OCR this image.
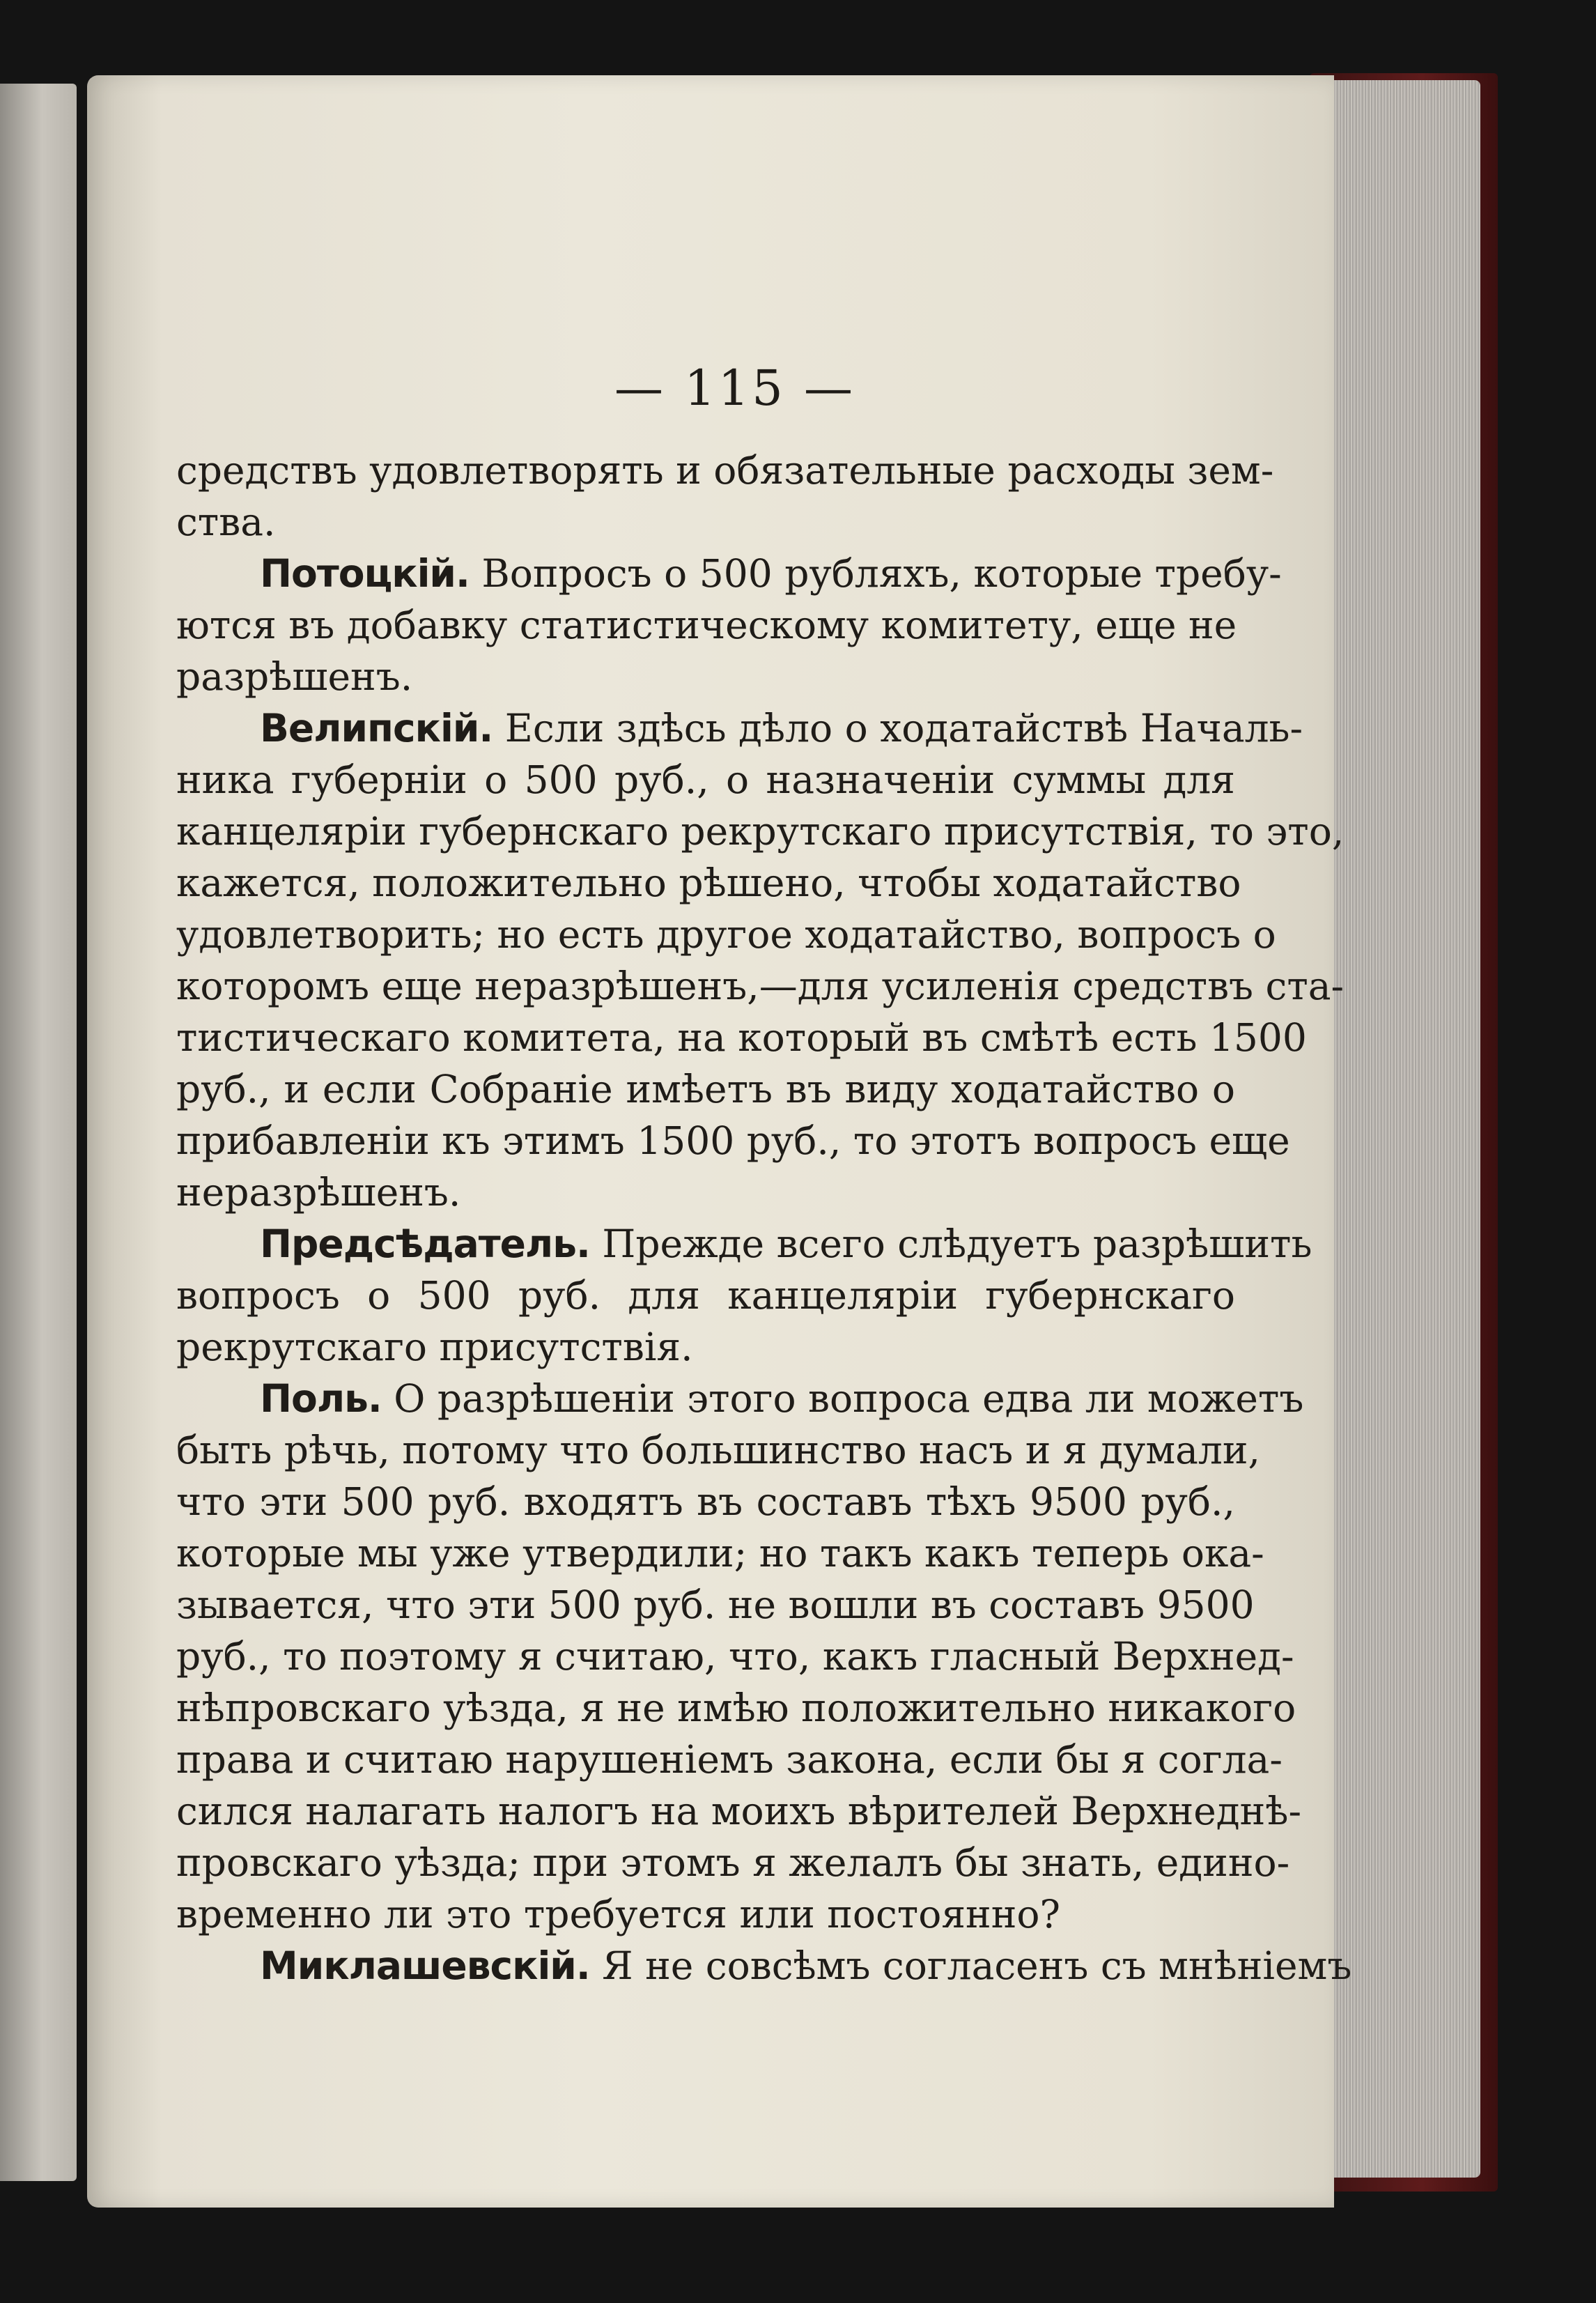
— 115 —
средствъ удовлетворять и обязательные расходы зем-
ства.
Потоцкій. Вопросъ о 500 рубляхъ, которые требу-
ются въ добавку статистическому комитету, еще не
разрѣшенъ.
Велипскій. Если здѣсь дѣло о ходатайствѣ Началь-
ника губерніи о 500 руб., о назначеніи суммы для
канцеляріи губернскаго рекрутскаго присутствія, то это,
кажется, положительно рѣшено, чтобы ходатайство
удовлетворить; но есть другое ходатайство, вопросъ о
которомъ еще неразрѣшенъ,—для усиленія средствъ ста-
тистическаго комитета, на который въ смѣтѣ есть 1500
руб., и если Собраніе имѣетъ въ виду ходатайство о
прибавленіи къ этимъ 1500 руб., то этотъ вопросъ еще
неразрѣшенъ.
Предсѣдатель. Прежде всего слѣдуетъ разрѣшить
вопросъ о 500 руб. для канцеляріи губернскаго
рекрутскаго присутствія.
Поль. О разрѣшеніи этого вопроса едва ли можетъ
быть рѣчь, потому что большинство насъ и я думали,
что эти 500 руб. входятъ въ составъ тѣхъ 9500 руб.,
которые мы уже утвердили; но такъ какъ теперь ока-
зывается, что эти 500 руб. не вошли въ составъ 9500
руб., то поэтому я считаю, что, какъ гласный Верхнед-
нѣпровскаго уѣзда, я не имѣю положительно никакого
права и считаю нарушеніемъ закона, если бы я согла-
сился налагать налогъ на моихъ вѣрителей Верхнеднѣ-
провскаго уѣзда; при этомъ я желалъ бы знать, едино-
временно ли это требуется или постоянно?
Миклашевскій. Я не совсѣмъ согласенъ съ мнѣніемъ
